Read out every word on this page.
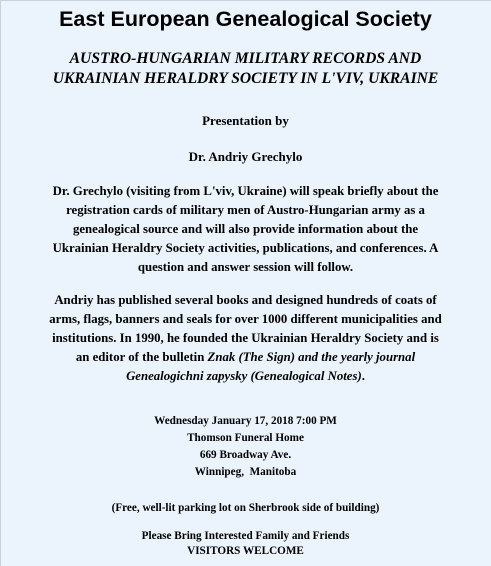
East European Genealogical Society
AUSTRO-HUNGARIAN MILITARY RECORDS AND
UKRAINIAN HERALDRY SOCIETY IN L'VIV, UKRAINE
Presentation by
Dr. Andriy Grechylo
Dr. Grechylo (visiting from L'viv, Ukraine) will speak briefly about the
registration cards of military men of Austro-Hungarian army as a
genealogical source and will also provide information about the
Ukrainian Heraldry Society activities, publications, and conferences. A
question and answer session will follow.
Andriy has published several books and designed hundreds of coats of
arms, flags, banners and seals for over 1000 different municipalities and
institutions. In 1990, he founded the Ukrainian Heraldry Society and is
an editor of the bulletin Znak (The Sign) and the yearly journal
Genealogichni zapysky (Genealogical Notes).
Wednesday January 17, 2018 7:00 PM
Thomson Funeral Home
669 Broadway Ave.
Winnipeg,  Manitoba
(Free, well-lit parking lot on Sherbrook side of building)
Please Bring Interested Family and Friends
VISITORS WELCOME
